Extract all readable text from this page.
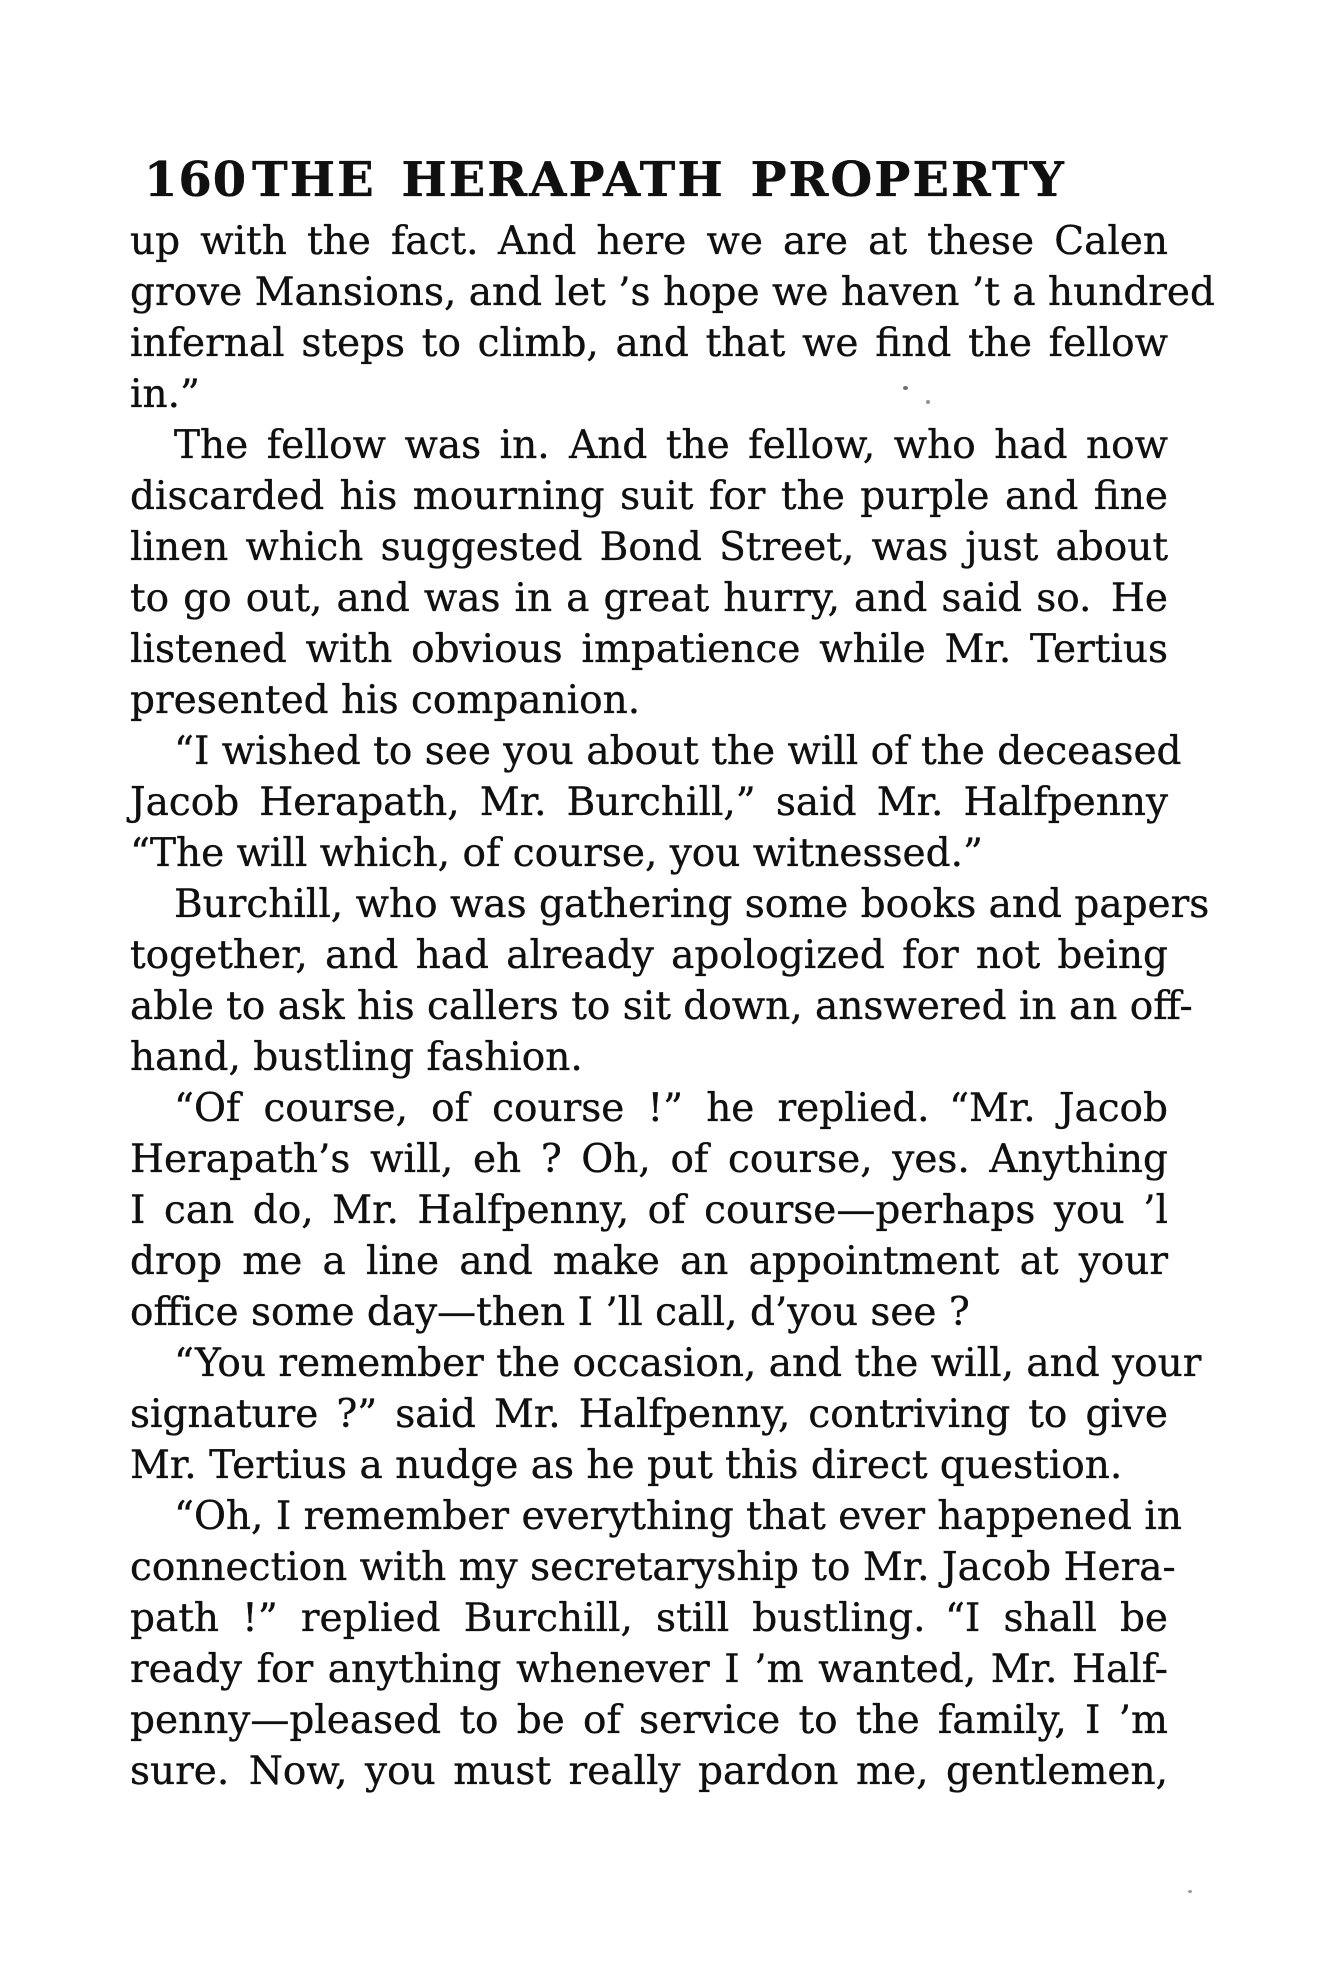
160 THE HERAPATH PROPERTY
up with the fact. And here we are at these Calen
grove Mansions, and let ’s hope we haven ’t a hundred
infernal steps to climb, and that we find the fellow
in.”
The fellow was in. And the fellow, who had now
discarded his mourning suit for the purple and fine
linen which suggested Bond Street, was just about
to go out, and was in a great hurry, and said so. He
listened with obvious impatience while Mr. Tertius
presented his companion.
“I wished to see you about the will of the deceased
Jacob Herapath, Mr. Burchill,” said Mr. Halfpenny
“The will which, of course, you witnessed.”
Burchill, who was gathering some books and papers
together, and had already apologized for not being
able to ask his callers to sit down, answered in an off-
hand, bustling fashion.
“Of course, of course !” he replied. “Mr. Jacob
Herapath’s will, eh ? Oh, of course, yes. Anything
I can do, Mr. Halfpenny, of course—perhaps you ’l
drop me a line and make an appointment at your
office some day—then I ’ll call, d’you see ?
“You remember the occasion, and the will, and your
signature ?” said Mr. Halfpenny, contriving to give
Mr. Tertius a nudge as he put this direct question.
“Oh, I remember everything that ever happened in
connection with my secretaryship to Mr. Jacob Hera-
path !” replied Burchill, still bustling. “I shall be
ready for anything whenever I ’m wanted, Mr. Half-
penny—pleased to be of service to the family, I ’m
sure. Now, you must really pardon me, gentlemen,
